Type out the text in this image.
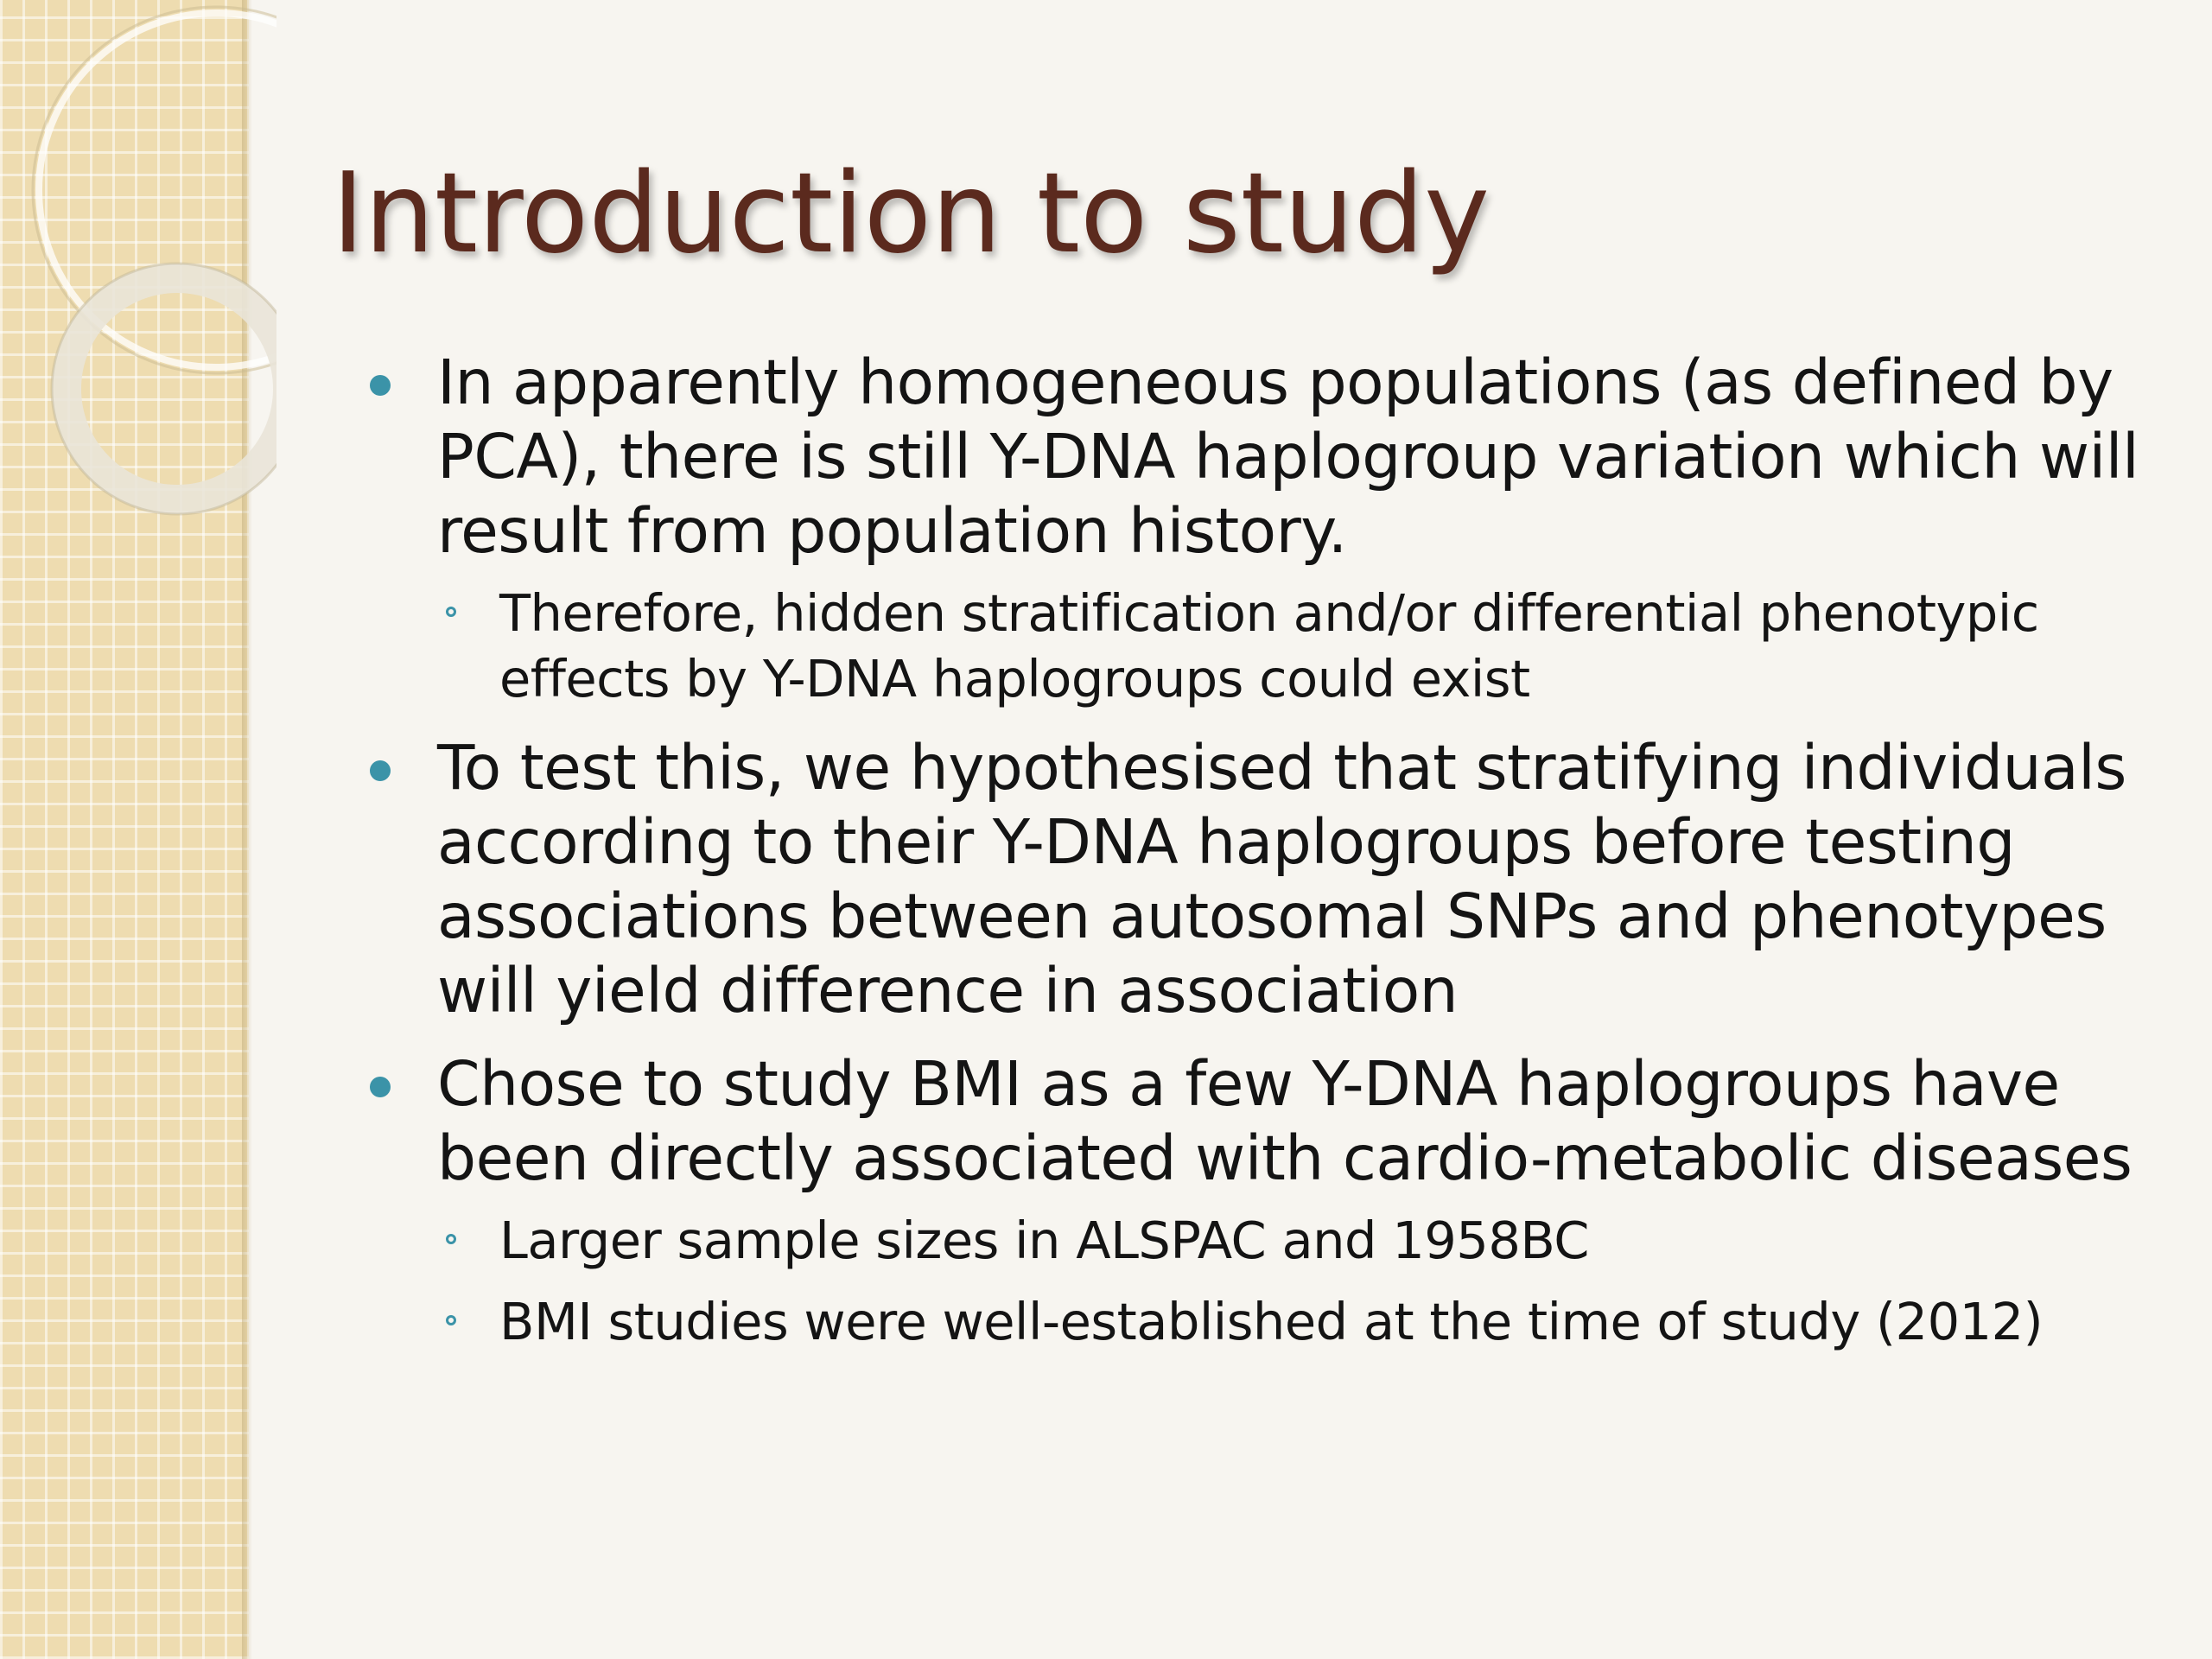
Introduction to study
In apparently homogeneous populations (as defined by PCA), there is still Y-DNA haplogroup variation which will result from population history.
Therefore, hidden stratification and/or differential phenotypic effects by Y-DNA haplogroups could exist
To test this, we hypothesised that stratifying individuals according to their Y-DNA haplogroups before testing associations between autosomal SNPs and phenotypes will yield difference in association
Chose to study BMI as a few Y-DNA haplogroups have been directly associated with cardio-metabolic diseases
Larger sample sizes in ALSPAC and 1958BC
BMI studies were well-established at the time of study (2012)
